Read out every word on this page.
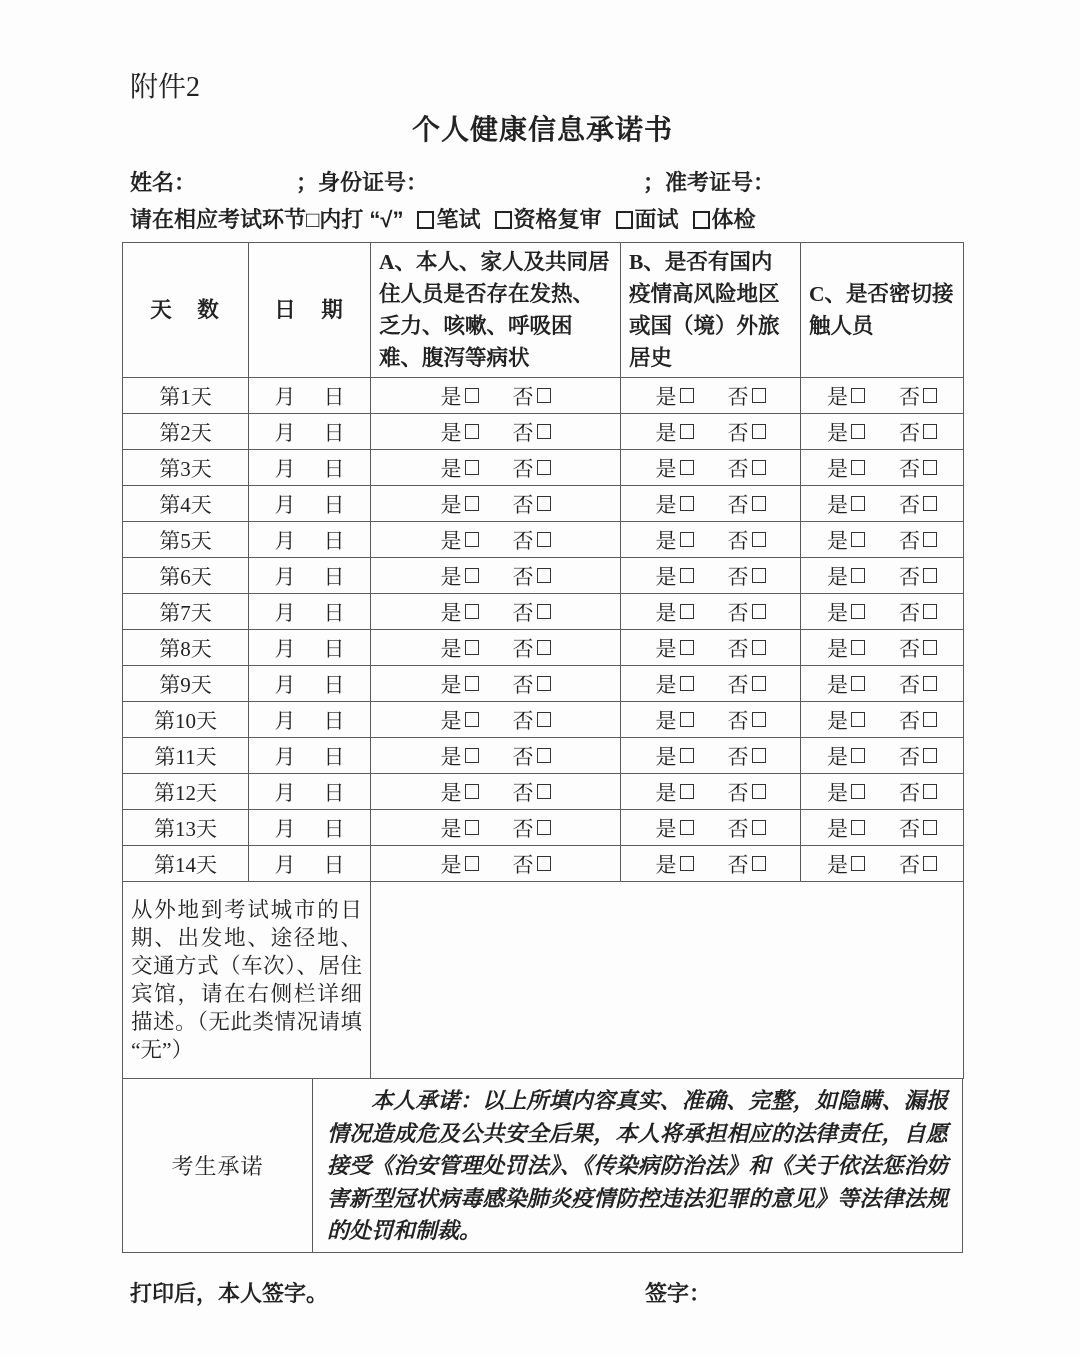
附件2
个人健康信息承诺书
姓名：	；身份证号：	；准考证号：
请在相应考试环节□内打 “√” 笔试 资格复审 面试 体检
天　数	日　期	A、本人、家人及共同居住人员是否存在发热、乏力、咳嗽、呼吸困难、腹泻等病状	B、是否有国内疫情高风险地区或国（境）外旅居史	C、是否密切接触人员
第1天	月 日	是 否	是 否	是 否

第2天	月 日	是 否	是 否	是 否

第3天	月 日	是 否	是 否	是 否

第4天	月 日	是 否	是 否	是 否

第5天	月 日	是 否	是 否	是 否

第6天	月 日	是 否	是 否	是 否

第7天	月 日	是 否	是 否	是 否

第8天	月 日	是 否	是 否	是 否

第9天	月 日	是 否	是 否	是 否

第10天	月 日	是 否	是 否	是 否

第11天	月 日	是 否	是 否	是 否

第12天	月 日	是 否	是 否	是 否

第13天	月 日	是 否	是 否	是 否

第14天	月 日	是 否	是 否	是 否

从外地到考试城市的日期、出发地、途径地、交通方式（车次）、居住宾馆，请在右侧栏详细描述。（无此类情况请填“无”）				
考生承诺

本人承诺：以上所填内容真实、准确、完整，如隐瞒、漏报情况造成危及公共安全后果，本人将承担相应的法律责任，自愿接受《治安管理处罚法》、《传染病防治法》和《关于依法惩治妨害新型冠状病毒感染肺炎疫情防控违法犯罪的意见》等法律法规的处罚和制裁。

打印后，本人签字。	签字：
